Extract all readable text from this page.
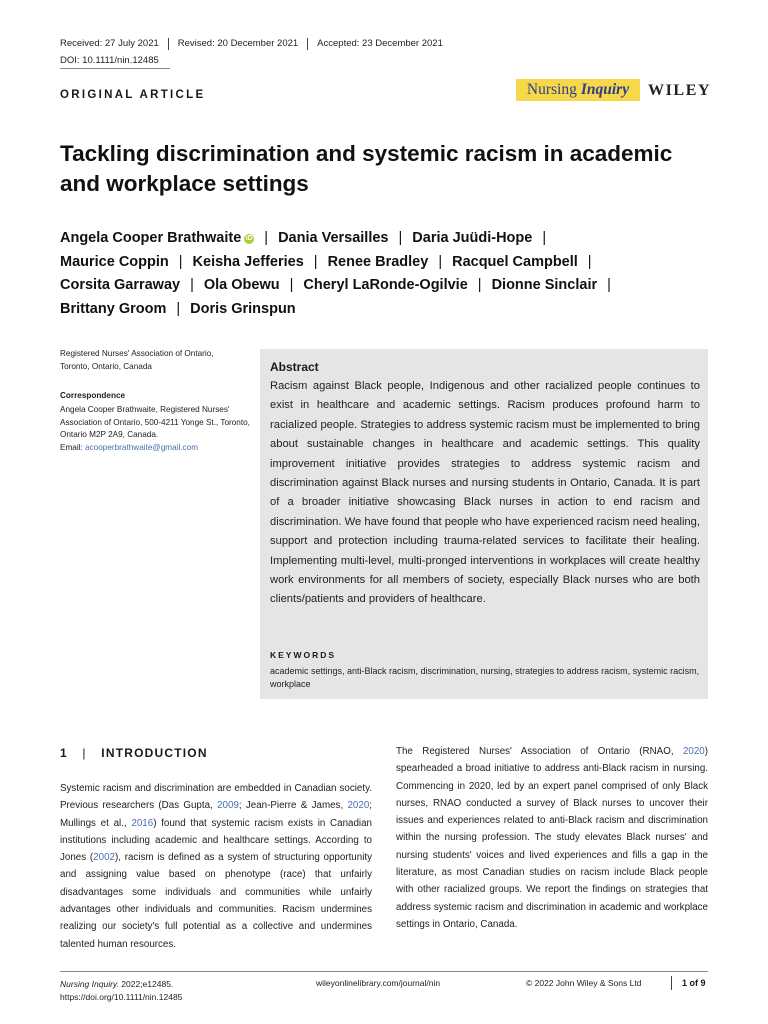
Received: 27 July 2021	Revised: 20 December 2021	Accepted: 23 December 2021
DOI: 10.1111/nin.12485
ORIGINAL ARTICLE	Nursing Inquiry WILEY
Tackling discrimination and systemic racism in academic and workplace settings
Angela Cooper Brathwaite iD | Dania Versailles | Daria Juüdi-Hope |
Maurice Coppin | Keisha Jefferies | Renee Bradley | Racquel Campbell |
Corsita Garraway | Ola Obewu | Cheryl LaRonde-Ogilvie | Dionne Sinclair |
Brittany Groom | Doris Grinspun
Registered Nurses' Association of Ontario, Toronto, Ontario, Canada
Correspondence
Angela Cooper Brathwaite, Registered Nurses' Association of Ontario, 500-4211 Yonge St., Toronto, Ontario M2P 2A9, Canada.
Email: acooperbrathwaite@gmail.com
Abstract
Racism against Black people, Indigenous and other racialized people continues to exist in healthcare and academic settings. Racism produces profound harm to racialized people. Strategies to address systemic racism must be implemented to bring about sustainable changes in healthcare and academic settings. This quality improvement initiative provides strategies to address systemic racism and discrimination against Black nurses and nursing students in Ontario, Canada. It is part of a broader initiative showcasing Black nurses in action to end racism and discrimination. We have found that people who have experienced racism need healing, support and protection including trauma-related services to facilitate their healing. Implementing multi-level, multi-pronged interventions in workplaces will create healthy work environments for all members of society, especially Black nurses who are both clients/patients and providers of healthcare.
KEYWORDS
academic settings, anti-Black racism, discrimination, nursing, strategies to address racism, systemic racism, workplace
1 | INTRODUCTION
Systemic racism and discrimination are embedded in Canadian society. Previous researchers (Das Gupta, 2009; Jean-Pierre & James, 2020; Mullings et al., 2016) found that systemic racism exists in Canadian institutions including academic and healthcare settings. According to Jones (2002), racism is defined as a system of structuring opportunity and assigning value based on phenotype (race) that unfairly disadvantages some individuals and communities while unfairly advantages other individuals and communities. Racism undermines realizing our society's full potential as a collective and undermines talented human resources.
The Registered Nurses' Association of Ontario (RNAO, 2020) spearheaded a broad initiative to address anti-Black racism in nursing. Commencing in 2020, led by an expert panel comprised of only Black nurses, RNAO conducted a survey of Black nurses to uncover their issues and experiences related to anti-Black racism and discrimination within the nursing profession. The study elevates Black nurses' and nursing students' voices and lived experiences and fills a gap in the literature, as most Canadian studies on racism include Black people with other racialized groups. We report the findings on strategies that address systemic racism and discrimination in academic and workplace settings in Ontario, Canada.
Nursing Inquiry. 2022;e12485.
https://doi.org/10.1111/nin.12485
wileyonlinelibrary.com/journal/nin	© 2022 John Wiley & Sons Ltd	1 of 9
